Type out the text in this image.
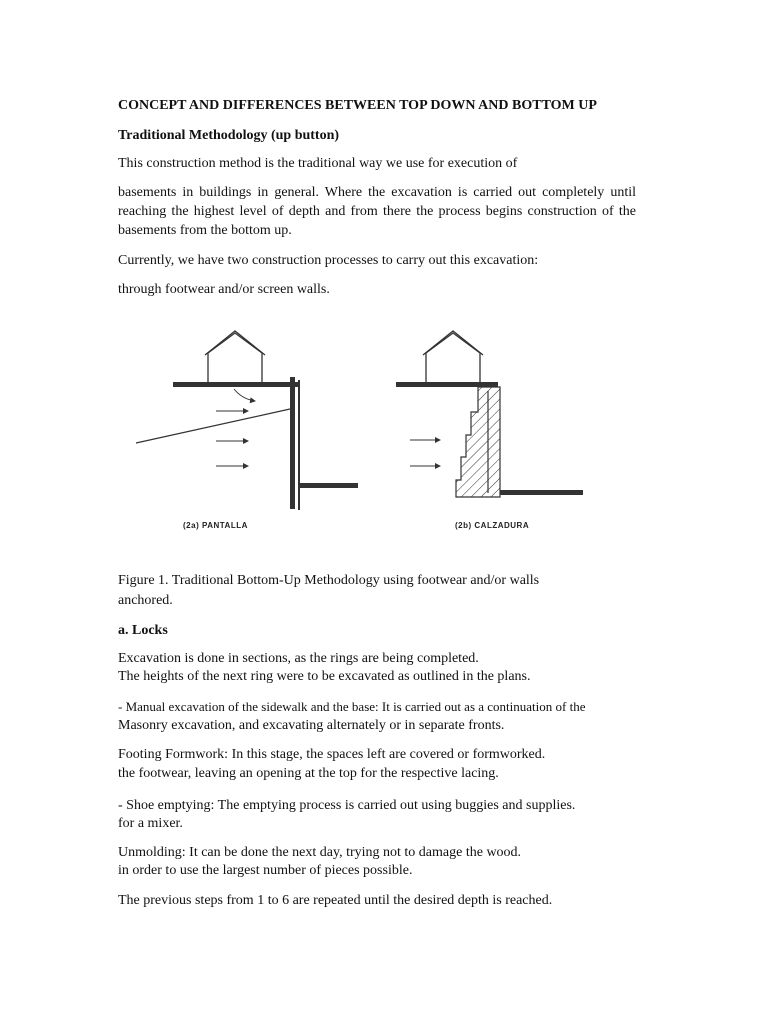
CONCEPT AND DIFFERENCES BETWEEN TOP DOWN AND BOTTOM UP

Traditional Methodology (up button)

This construction method is the traditional way we use for execution of

basements in buildings in general. Where the excavation is carried out completely until reaching the highest level of depth and from there the process begins construction of the basements from the bottom up.

Currently, we have two construction processes to carry out this excavation:

through footwear and/or screen walls.

(2a) PANTALLA	(2b) CALZADURA

Figure 1. Traditional Bottom-Up Methodology using footwear and/or walls

anchored.

a. Locks

Excavation is done in sections, as the rings are being completed.

The heights of the next ring were to be excavated as outlined in the plans.

- Manual excavation of the sidewalk and the base: It is carried out as a continuation of the

Masonry excavation, and excavating alternately or in separate fronts.

Footing Formwork: In this stage, the spaces left are covered or formworked.

the footwear, leaving an opening at the top for the respective lacing.

- Shoe emptying: The emptying process is carried out using buggies and supplies.

for a mixer.

Unmolding: It can be done the next day, trying not to damage the wood.

in order to use the largest number of pieces possible.

The previous steps from 1 to 6 are repeated until the desired depth is reached.
